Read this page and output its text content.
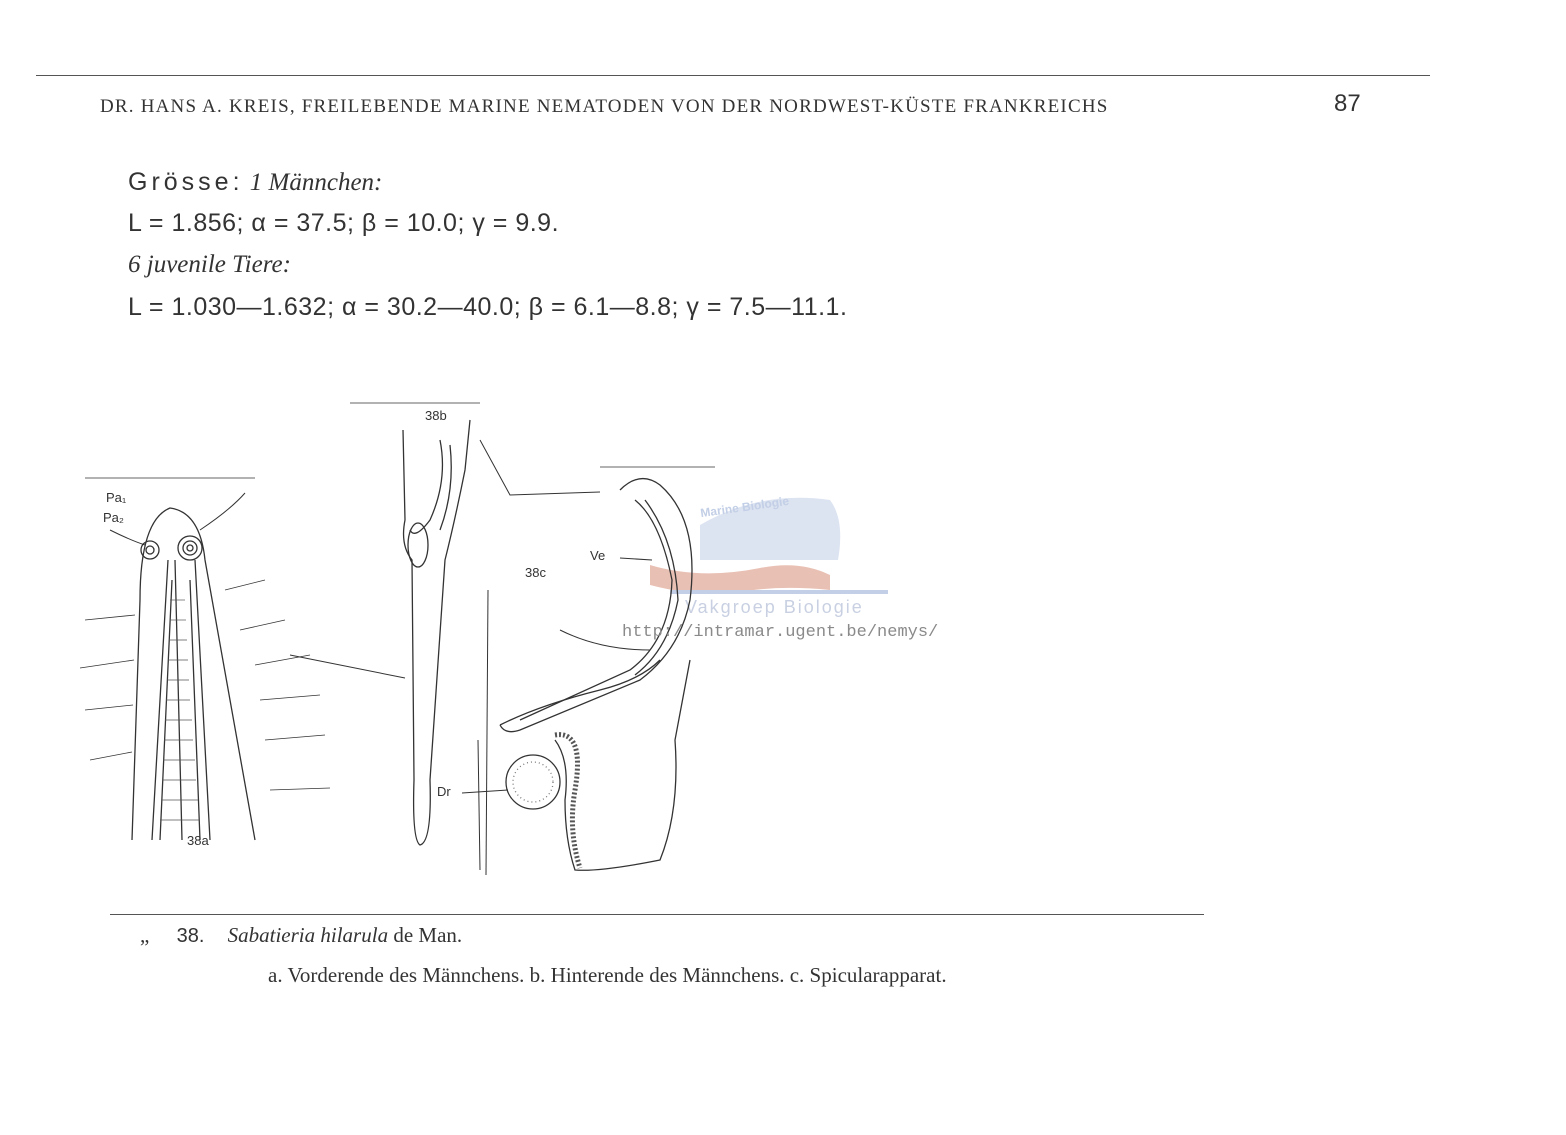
DR. HANS A. KREIS, FREILEBENDE MARINE NEMATODEN VON DER NORDWEST-KÜSTE FRANKREICHS	87
Grösse: 1 Männchen:
L = 1.856; α = 37.5; β = 10.0; γ = 9.9.
6 juvenile Tiere:
L = 1.030—1.632; α = 30.2—40.0; β = 6.1—8.8; γ = 7.5—11.1.
Marine Biologie
Vakgroep Biologie
Pa₁
Pa₂
38a
38b
38c
Ve
Dr
http://intramar.ugent.be/nemys/
„ 38. Sabatieria hilarula de Man.
a. Vorderende des Männchens. b. Hinterende des Männchens. c. Spicularapparat.
